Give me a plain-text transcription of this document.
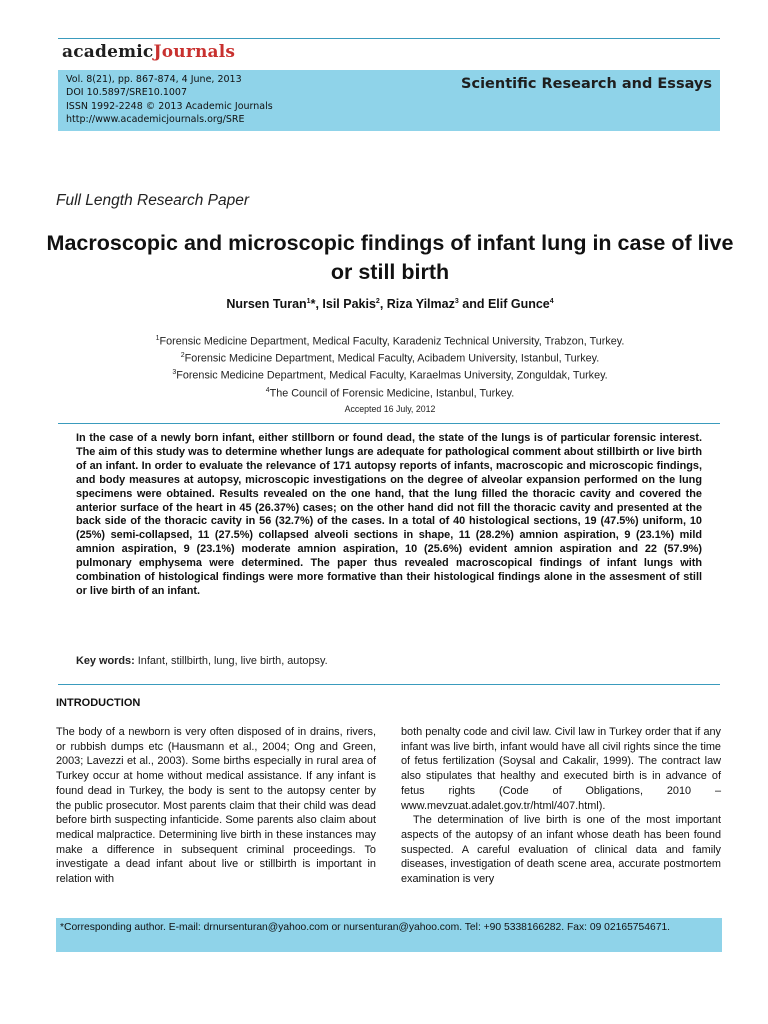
academicJournals
Vol. 8(21), pp. 867-874, 4 June, 2013
DOI 10.5897/SRE10.1007
ISSN 1992-2248 © 2013 Academic Journals
http://www.academicjournals.org/SRE
Scientific Research and Essays
Full Length Research Paper
Macroscopic and microscopic findings of infant lung in case of live or still birth
Nursen Turan$^1$*, Isil Pakis$^2$, Riza Yilmaz$^3$ and Elif Gunce$^4$
$^1$Forensic Medicine Department, Medical Faculty, Karadeniz Technical University, Trabzon, Turkey.
$^2$Forensic Medicine Department, Medical Faculty, Acibadem University, Istanbul, Turkey.
$^3$Forensic Medicine Department, Medical Faculty, Karaelmas University, Zonguldak, Turkey.
$^4$The Council of Forensic Medicine, Istanbul, Turkey.
Accepted 16 July, 2012
In the case of a newly born infant, either stillborn or found dead, the state of the lungs is of particular forensic interest. The aim of this study was to determine whether lungs are adequate for pathological comment about stillbirth or live birth of an infant. In order to evaluate the relevance of 171 autopsy reports of infants, macroscopic and microscopic findings, and body measures at autopsy, microscopic investigations on the degree of alveolar expansion performed on the lung specimens were obtained. Results revealed on the one hand, that the lung filled the thoracic cavity and covered the anterior surface of the heart in 45 (26.37%) cases; on the other hand did not fill the thoracic cavity and presented at the back side of the thoracic cavity in 56 (32.7%) of the cases. In a total of 40 histological sections, 19 (47.5%) uniform, 10 (25%) semi-collapsed, 11 (27.5%) collapsed alveoli sections in shape, 11 (28.2%) amnion aspiration, 9 (23.1%) mild amnion aspiration, 9 (23.1%) moderate amnion aspiration, 10 (25.6%) evident amnion aspiration and 22 (57.9%) pulmonary emphysema were determined. The paper thus revealed macroscopical findings of infant lungs with combination of histological findings were more formative than their histological findings alone in the assesment of still or live birth of an infant.
Key words: Infant, stillbirth, lung, live birth, autopsy.
INTRODUCTION

The body of a newborn is very often disposed of in drains, rivers, or rubbish dumps etc (Hausmann et al., 2004; Ong and Green, 2003; Lavezzi et al., 2003). Some births especially in rural area of Turkey occur at home without medical assistance. If any infant is found dead in Turkey, the body is sent to the autopsy center by the public prosecutor. Most parents claim that their child was dead before birth suspecting infanticide. Some parents also claim about medical malpractice. Determining live birth in these instances may make a difference in subsequent criminal proceedings. To investigate a dead infant about live or stillbirth is important in relation with

both penalty code and civil law. Civil law in Turkey order that if any infant was live birth, infant would have all civil rights since the time of fetus fertilization (Soysal and Cakalir, 1999). The contract law also stipulates that healthy and executed birth is in advance of fetus rights (Code of Obligations, 2010 – www.mevzuat.adalet.gov.tr/html/407.html).

The determination of live birth is one of the most important aspects of the autopsy of an infant whose death has been found suspected. A careful evaluation of clinical data and family diseases, investigation of death scene area, accurate postmortem examination is very

*Corresponding author. E-mail: drnursenturan@yahoo.com or nursenturan@yahoo.com. Tel: +90 5338166282. Fax: 09 02165754671.
